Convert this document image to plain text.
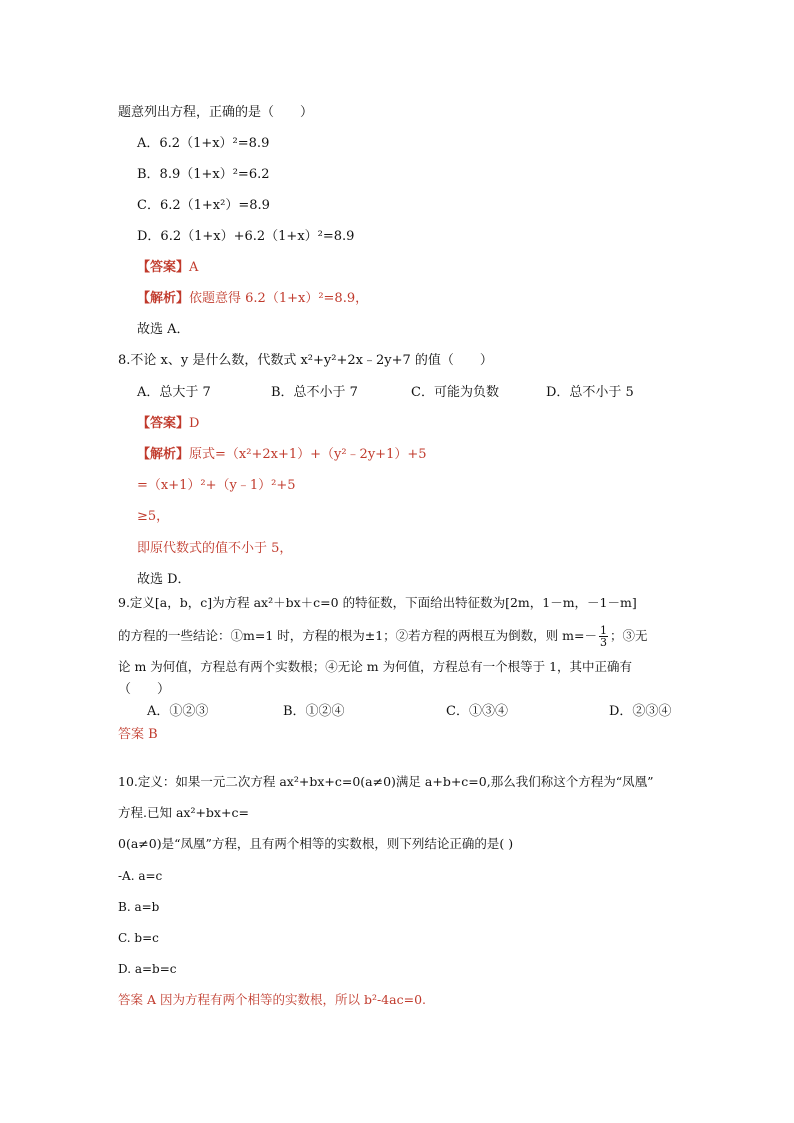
题意列出方程，正确的是（　　）
A．6.2（1+x）²=8.9
B．8.9（1+x）²=6.2
C．6.2（1+x²）=8.9
D．6.2（1+x）+6.2（1+x）²=8.9
【答案】A
【解析】依题意得 6.2（1+x）²=8.9，
故选 A．
8.不论 x、y 是什么数，代数式 x²+y²+2x﹣2y+7 的值（　　）
A．总大于 7	B．总不小于 7	C．可能为负数	D．总不小于 5
【答案】D
【解析】原式=（x²+2x+1）+（y²﹣2y+1）+5
=（x+1）²+（y﹣1）²+5
≥5，
即原代数式的值不小于 5，
故选 D．
9.定义[a，b，c]为方程 ax²＋bx＋c=0 的特征数，下面给出特征数为[2m，1－m，－1－m]
的方程的一些结论：①m=1 时，方程的根为±1；②若方程的两根互为倒数，则 $m=- \frac{1}{3}$ ；③无
论 m 为何值，方程总有两个实数根；④无论 m 为何值，方程总有一个根等于 1，其中正确有
（　　）
A．①②③	B．①②④	C．①③④	D．②③④
答案 B
10.定义：如果一元二次方程 ax²+bx+c=0(a≠0)满足 a+b+c=0,那么我们称这个方程为“凤凰”
方程.已知 ax²+bx+c=
0(a≠0)是“凤凰”方程，且有两个相等的实数根，则下列结论正确的是( )
-A. a=c
B. a=b
C. b=c
D. a=b=c
答案 A 因为方程有两个相等的实数根，所以 b²-4ac=0.
